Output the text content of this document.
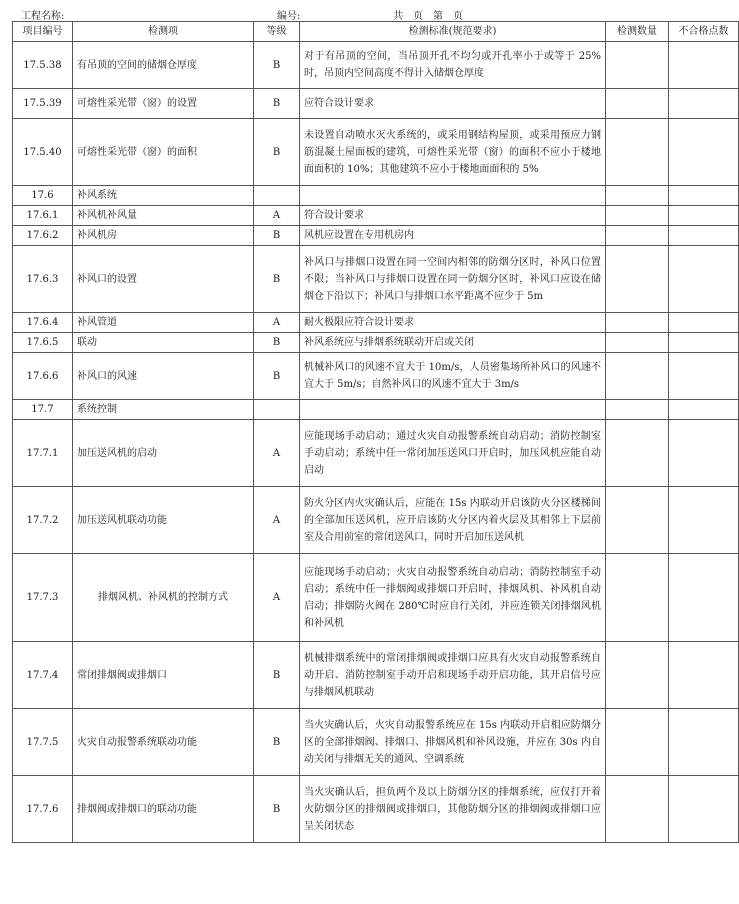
工程名称:	编号:	共　页　第　页
项目编号	检测项	等级	检测标准(规范要求)	检测数量	不合格点数
17.5.38	有吊顶的空间的储烟仓厚度	B	对于有吊顶的空间，当吊顶开孔不均匀或开孔率小于或等于 25%时，吊顶内空间高度不得计入储烟仓厚度		
17.5.39	可熔性采光带（窗）的设置	B	应符合设计要求		
17.5.40	可熔性采光带（窗）的面积	B	未设置自动喷水灭火系统的，或采用钢结构屋顶，或采用预应力钢筋混凝土屋面板的建筑，可熔性采光带（窗）的面积不应小于楼地面面积的 10%；其他建筑不应小于楼地面面积的 5%		
17.6	补风系统				
17.6.1	补风机补风量	A	符合设计要求		
17.6.2	补风机房	B	风机应设置在专用机房内		
17.6.3	补风口的设置	B	补风口与排烟口设置在同一空间内相邻的防烟分区时，补风口位置不限；当补风口与排烟口设置在同一防烟分区时，补风口应设在储烟仓下沿以下；补风口与排烟口水平距离不应少于 5m		
17.6.4	补风管道	A	耐火极限应符合设计要求		
17.6.5	联动	B	补风系统应与排烟系统联动开启或关闭		
17.6.6	补风口的风速	B	机械补风口的风速不宜大于 10m/s，人员密集场所补风口的风速不宜大于 5m/s；自然补风口的风速不宜大于 3m/s		
17.7	系统控制				
17.7.1	加压送风机的启动	A	应能现场手动启动；通过火灾自动报警系统自动启动；消防控制室手动启动；系统中任一常闭加压送风口开启时，加压风机应能自动启动		
17.7.2	加压送风机联动功能	A	防火分区内火灾确认后，应能在 15s 内联动开启该防火分区楼梯间的全部加压送风机，应开启该防火分区内着火层及其相邻上下层前室及合用前室的常闭送风口，同时开启加压送风机		
17.7.3	排烟风机、补风机的控制方式	A	应能现场手动启动；火灾自动报警系统自动启动；消防控制室手动启动；系统中任一排烟阀或排烟口开启时，排烟风机、补风机自动启动；排烟防火阀在 280℃时应自行关闭，并应连锁关闭排烟风机和补风机		
17.7.4	常闭排烟阀或排烟口	B	机械排烟系统中的常闭排烟阀或排烟口应具有火灾自动报警系统自动开启、消防控制室手动开启和现场手动开启功能，其开启信号应与排烟风机联动		
17.7.5	火灾自动报警系统联动功能	B	当火灾确认后，火灾自动报警系统应在 15s 内联动开启相应防烟分区的全部排烟阀、排烟口、排烟风机和补风设施，并应在 30s 内自动关闭与排烟无关的通风、空调系统		
17.7.6	排烟阀或排烟口的联动功能	B	当火灾确认后，担负两个及以上防烟分区的排烟系统，应仅打开着火防烟分区的排烟阀或排烟口，其他防烟分区的排烟阀或排烟口应呈关闭状态		
